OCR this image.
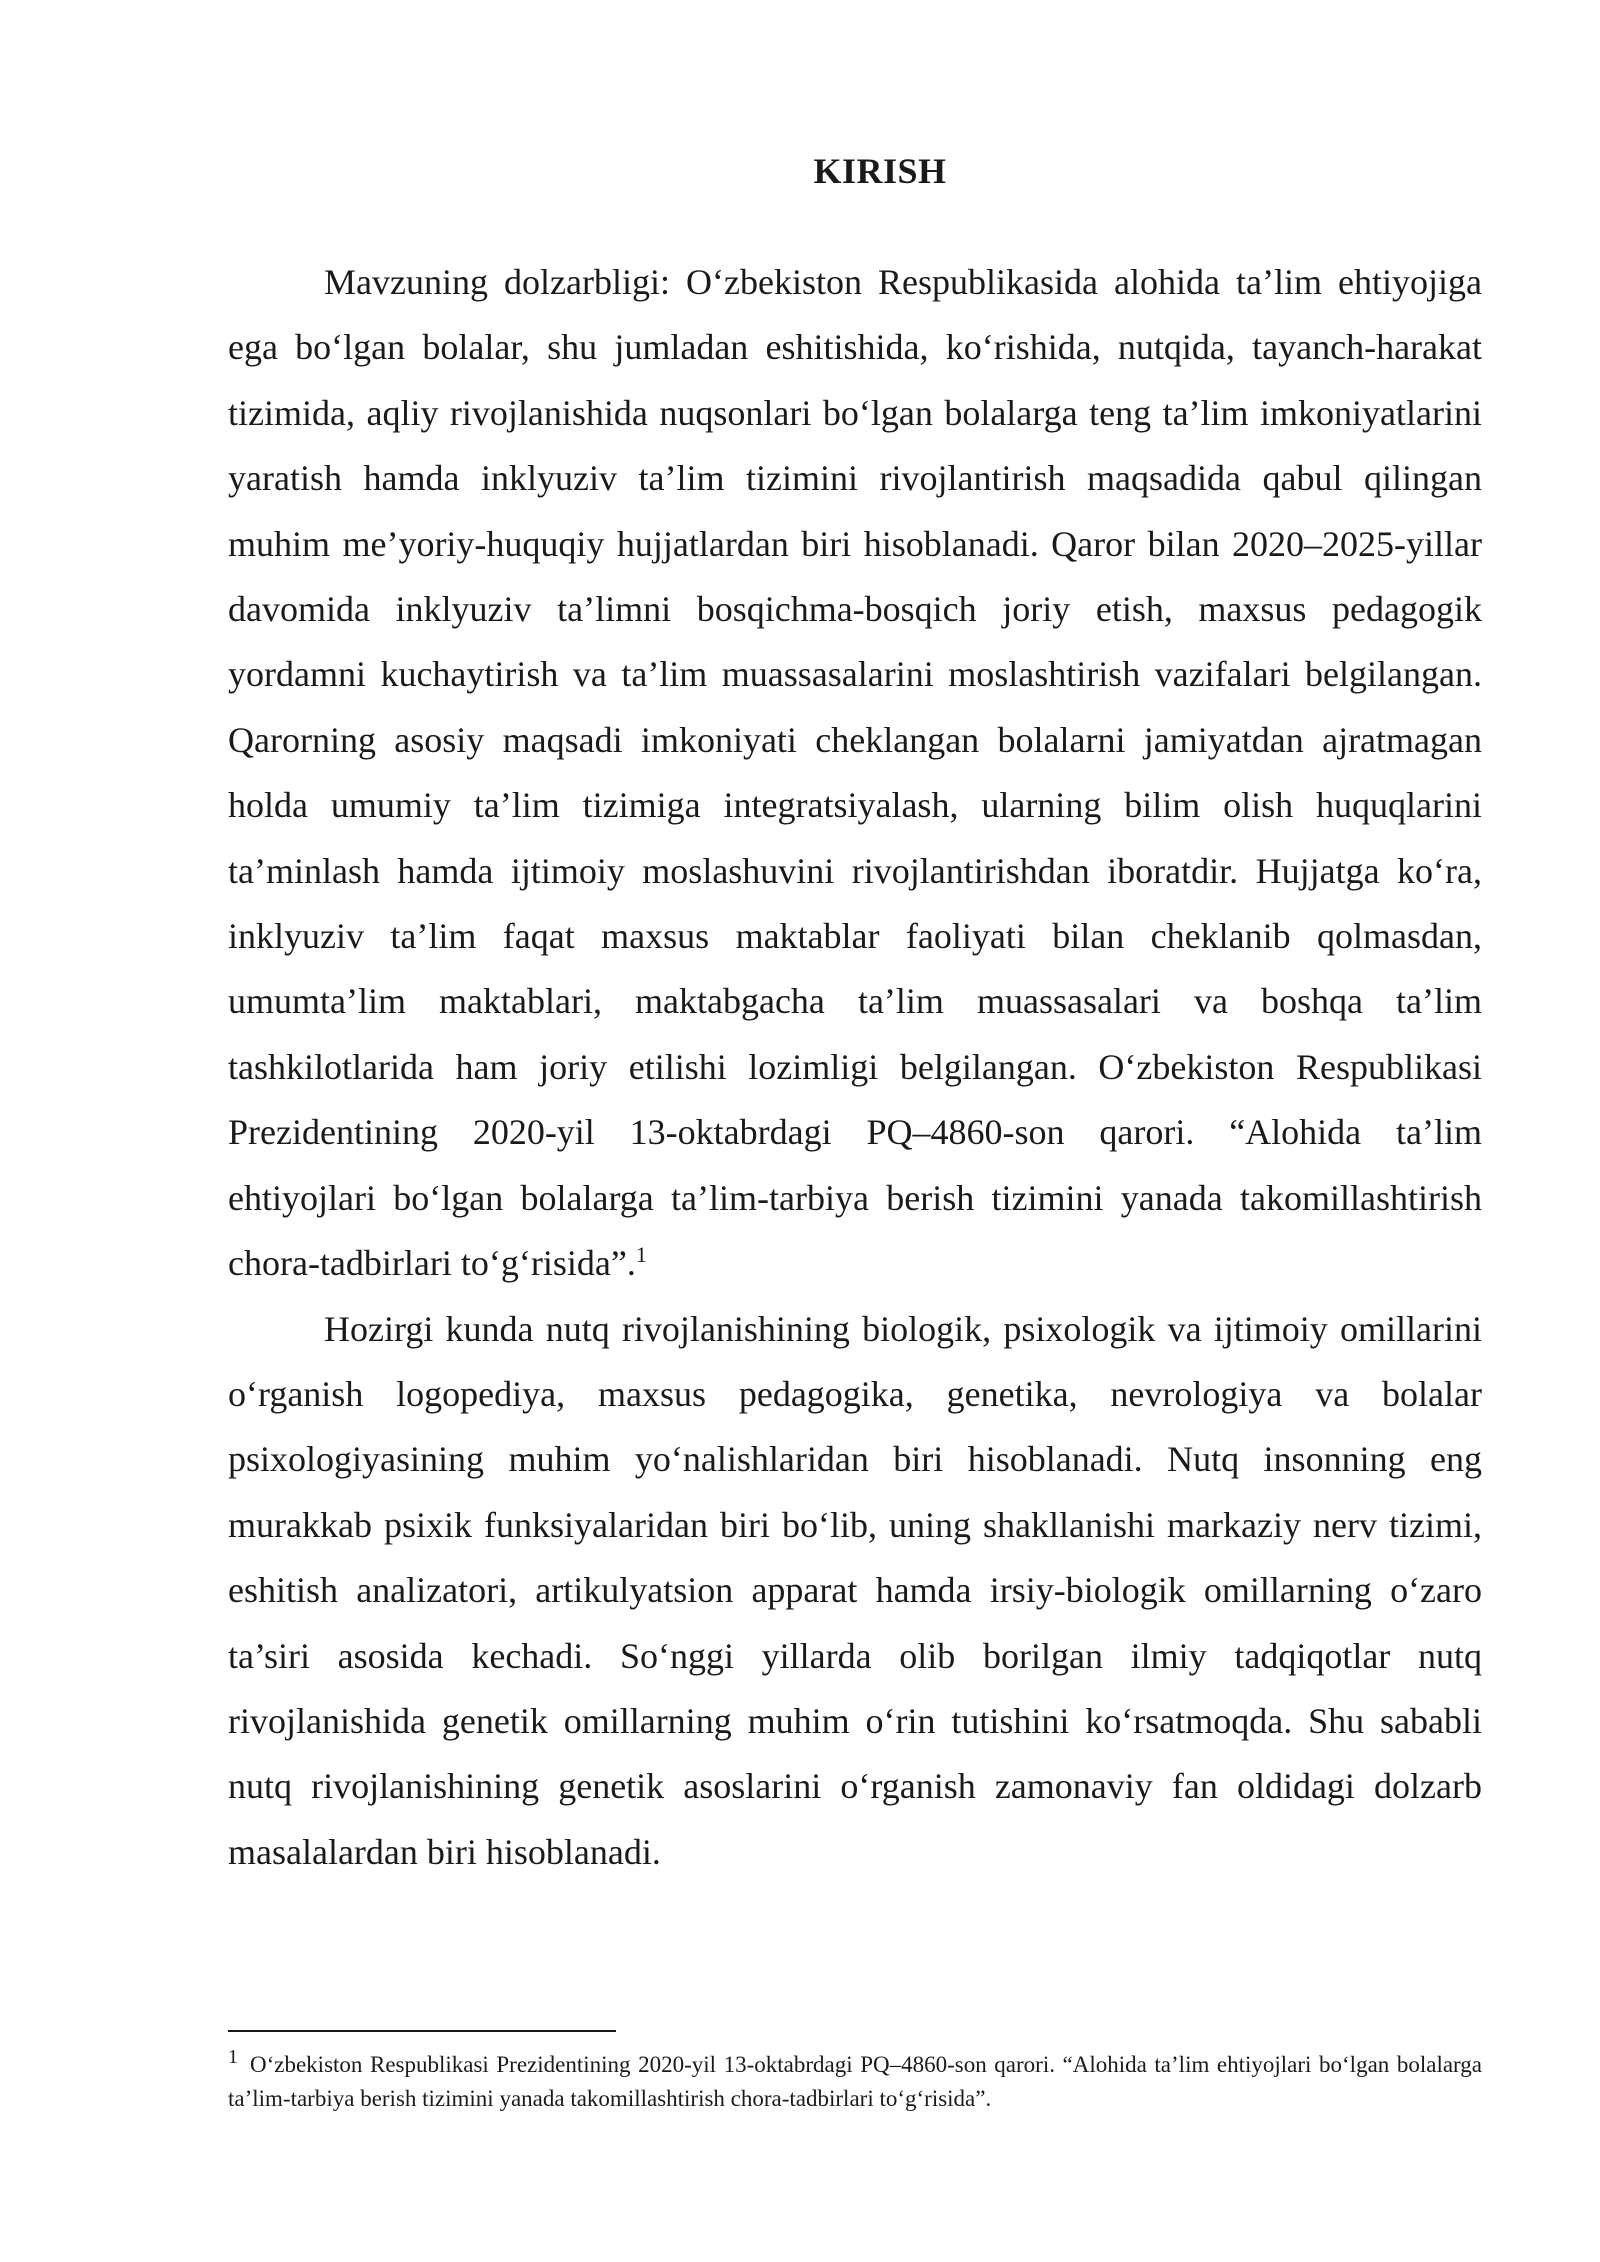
KIRISH

Mavzuning dolzarbligi: O‘zbekiston Respublikasida alohida ta’lim ehtiyojiga ega bo‘lgan bolalar, shu jumladan eshitishida, ko‘rishida, nutqida, tayanch-harakat tizimida, aqliy rivojlanishida nuqsonlari bo‘lgan bolalarga teng ta’lim imkoniyatlarini yaratish hamda inklyuziv ta’lim tizimini rivojlantirish maqsadida qabul qilingan muhim me’yoriy-huquqiy hujjatlardan biri hisoblanadi. Qaror bilan 2020–2025-yillar davomida inklyuziv ta’limni bosqichma-bosqich joriy etish, maxsus pedagogik yordamni kuchaytirish va ta’lim muassasalarini moslashtirish vazifalari belgilangan. Qarorning asosiy maqsadi imkoniyati cheklangan bolalarni jamiyatdan ajratmagan holda umumiy ta’lim tizimiga integratsiyalash, ularning bilim olish huquqlarini ta’minlash hamda ijtimoiy moslashuvini rivojlantirishdan iboratdir. Hujjatga ko‘ra, inklyuziv ta’lim faqat maxsus maktablar faoliyati bilan cheklanib qolmasdan, umumta’lim maktablari, maktabgacha ta’lim muassasalari va boshqa ta’lim tashkilotlarida ham joriy etilishi lozimligi belgilangan. O‘zbekiston Respublikasi Prezidentining 2020-yil 13-oktabrdagi PQ–4860-son qarori. “Alohida ta’lim ehtiyojlari bo‘lgan bolalarga ta’lim-tarbiya berish tizimini yanada takomillashtirish chora-tadbirlari to‘g‘risida”.$^1$

Hozirgi kunda nutq rivojlanishining biologik, psixologik va ijtimoiy omillarini o‘rganish logopediya, maxsus pedagogika, genetika, nevrologiya va bolalar psixologiyasining muhim yo‘nalishlaridan biri hisoblanadi. Nutq insonning eng murakkab psixik funksiyalaridan biri bo‘lib, uning shakllanishi markaziy nerv tizimi, eshitish analizatori, artikulyatsion apparat hamda irsiy-biologik omillarning o‘zaro ta’siri asosida kechadi. So‘nggi yillarda olib borilgan ilmiy tadqiqotlar nutq rivojlanishida genetik omillarning muhim o‘rin tutishini ko‘rsatmoqda. Shu sababli nutq rivojlanishining genetik asoslarini o‘rganish zamonaviy fan oldidagi dolzarb masalalardan biri hisoblanadi.

$^1$ O‘zbekiston Respublikasi Prezidentining 2020-yil 13-oktabrdagi PQ–4860-son qarori. “Alohida ta’lim ehtiyojlari bo‘lgan bolalarga ta’lim-tarbiya berish tizimini yanada takomillashtirish chora-tadbirlari to‘g‘risida”.
